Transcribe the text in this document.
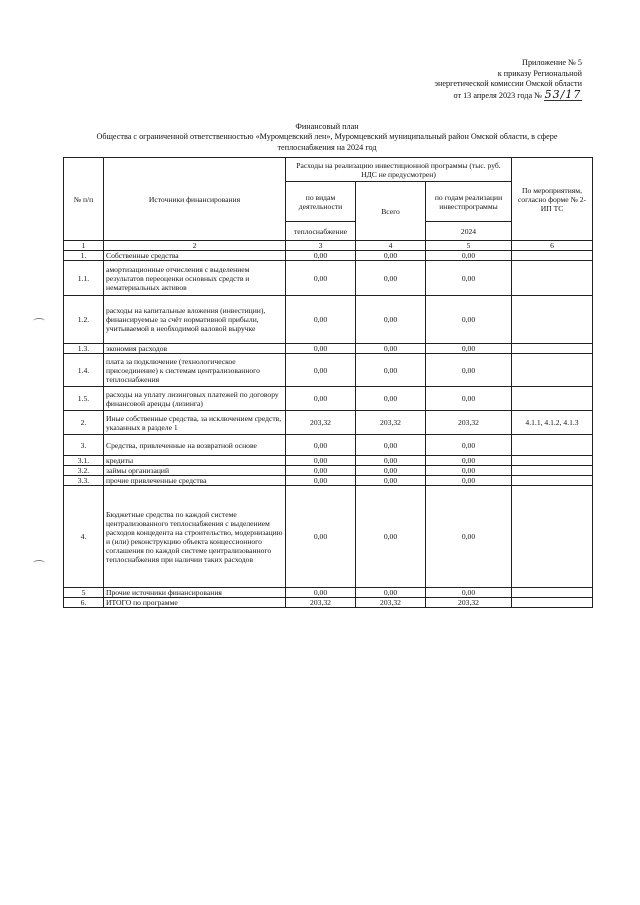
Приложение № 5
к приказу Региональной
энергетической комиссии Омской области
от 13 апреля 2023 года № 53/17
Финансовый план
Общества с ограниченной ответственностью «Муромцевский лен», Муромцевский муниципальный район Омской области, в сфере
теплоснабжения на 2024 год
№ п/п	Источники финансирования	Расходы на реализацию инвестиционной программы (тыс. руб. НДС не предусмотрен)			По мероприятиям, согласно форме № 2-ИП ТС
		по видам деятельности	Всего	по годам реализации инвестпрограммы	
		теплоснабжение		2024	
1	2	3	4	5	6
1.	Собственные средства	0,00	0,00	0,00	
1.1.	амортизационные отчисления с выделением результатов переоценки основных средств и нематериальных активов	0,00	0,00	0,00	
1.2.	расходы на капитальные вложения (инвестиции), финансируемые за счёт нормативной прибыли, учитываемой в необходимой валовой выручке	0,00	0,00	0,00	
1.3.	экономия расходов	0,00	0,00	0,00	
1.4.	плата за подключение (технологическое присоединение) к системам централизованного теплоснабжения	0,00	0,00	0,00	
1.5.	расходы на уплату лизинговых платежей по договору финансовой аренды (лизинга)	0,00	0,00	0,00	
2.	Иные собственные средства, за исключением средств, указанных в разделе 1	203,32	203,32	203,32	4.1.1, 4.1.2, 4.1.3
3.	Средства, привлеченные на возвратной основе	0,00	0,00	0,00	
3.1.	кредиты	0,00	0,00	0,00	
3.2.	займы организаций	0,00	0,00	0,00	
3.3.	прочие привлеченные средства	0,00	0,00	0,00	
4.	Бюджетные средства по каждой системе централизованного теплоснабжения с выделением расходов концедента на строительство, модернизацию и (или) реконструкцию объекта концессионного соглашения по каждой системе централизованного теплоснабжения при наличии таких расходов	0,00	0,00	0,00	
5	Прочие источники финансирования	0,00	0,00	0,00	
6.	ИТОГО по программе	203,32	203,32	203,32	
